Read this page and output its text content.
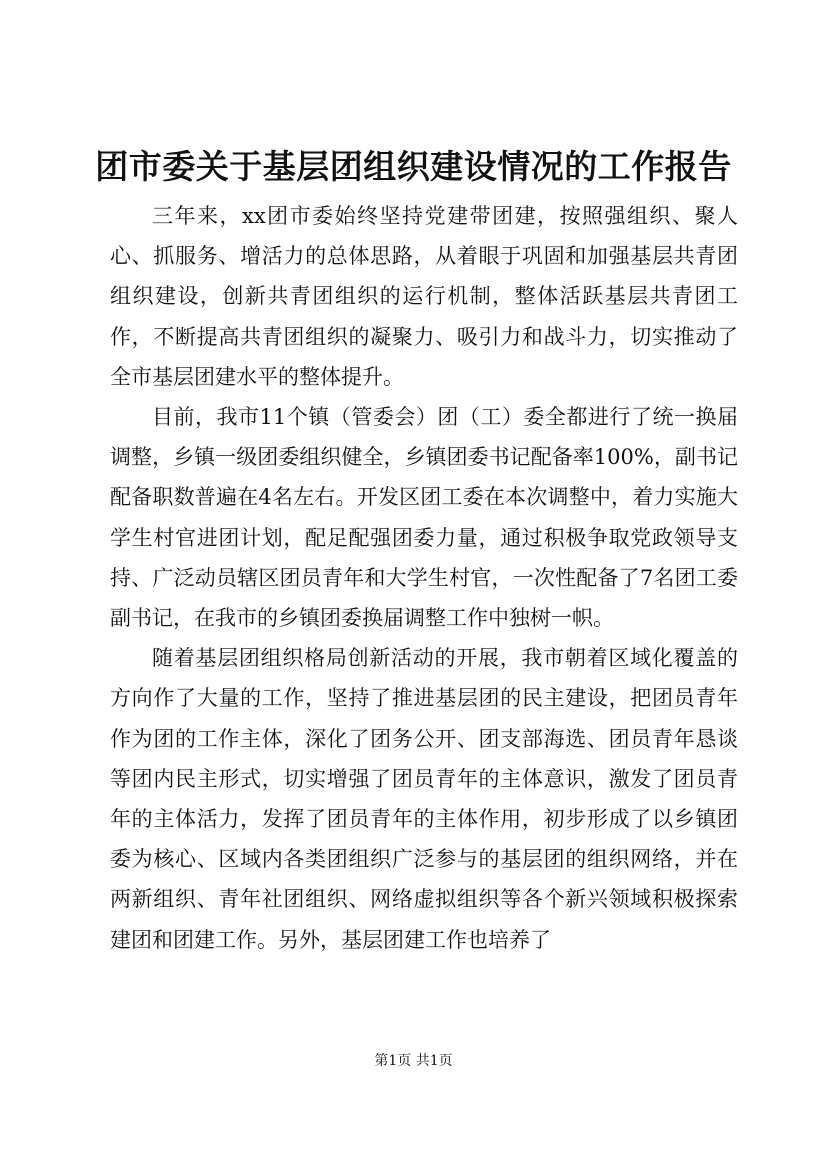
团市委关于基层团组织建设情况的工作报告

三年来，xx团市委始终坚持党建带团建，按照强组织、聚人心、抓服务、增活力的总体思路，从着眼于巩固和加强基层共青团组织建设，创新共青团组织的运行机制，整体活跃基层共青团工作，不断提高共青团组织的凝聚力、吸引力和战斗力，切实推动了全市基层团建水平的整体提升。

目前，我市11个镇（管委会）团（工）委全都进行了统一换届调整，乡镇一级团委组织健全，乡镇团委书记配备率100%，副书记配备职数普遍在4名左右。开发区团工委在本次调整中，着力实施大学生村官进团计划，配足配强团委力量，通过积极争取党政领导支持、广泛动员辖区团员青年和大学生村官，一次性配备了7名团工委副书记，在我市的乡镇团委换届调整工作中独树一帜。

随着基层团组织格局创新活动的开展，我市朝着区域化覆盖的方向作了大量的工作，坚持了推进基层团的民主建设，把团员青年作为团的工作主体，深化了团务公开、团支部海选、团员青年恳谈等团内民主形式，切实增强了团员青年的主体意识，激发了团员青年的主体活力，发挥了团员青年的主体作用，初步形成了以乡镇团委为核心、区域内各类团组织广泛参与的基层团的组织网络，并在两新组织、青年社团组织、网络虚拟组织等各个新兴领域积极探索建团和团建工作。另外，基层团建工作也培养了

第1页 共1页
